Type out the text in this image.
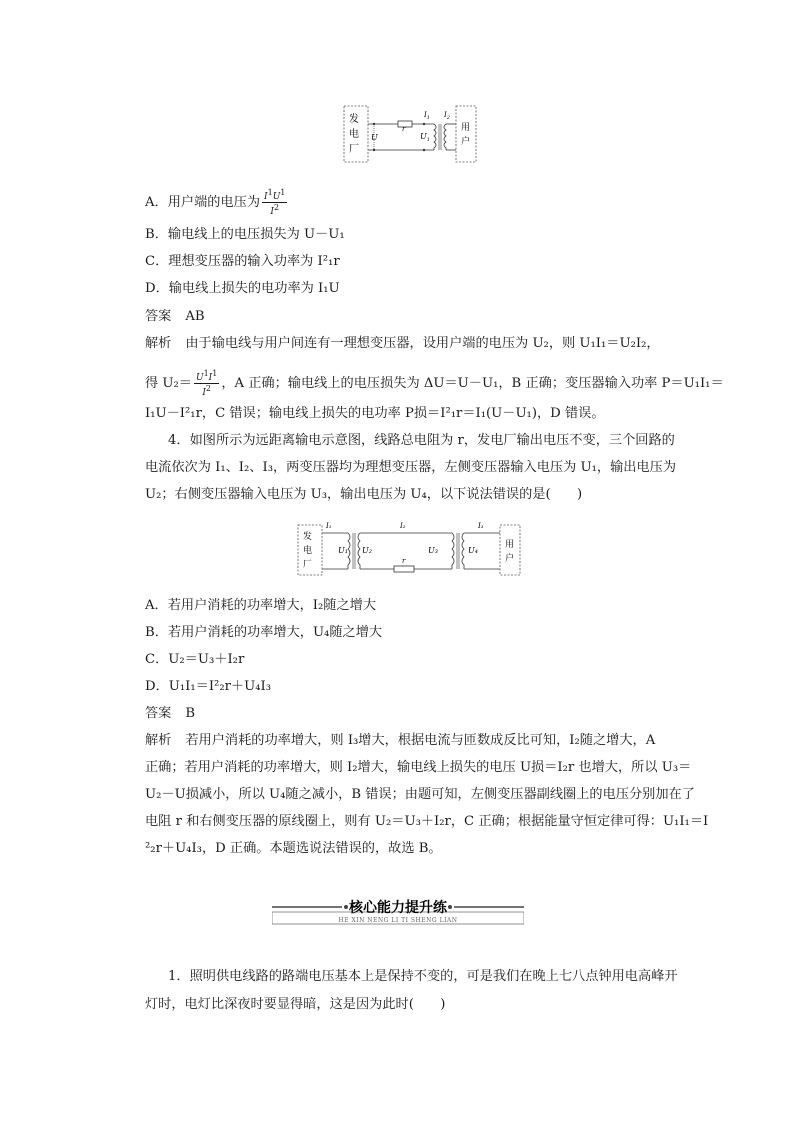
发
电
厂
U
r
$U_1$
$I_1$ $I_2$
用
户
A．用户端的电压为 $\frac{I^1U^1}{I^2}$
B．输电线上的电压损失为 U－U₁
C．理想变压器的输入功率为 I²₁r
D．输电线上损失的电功率为 I₁U
答案 AB
解析 由于输电线与用户间连有一理想变压器，设用户端的电压为 U₂，则 U₁I₁＝U₂I₂，
得 $U_2= \frac{U^1I^1}{I^2}$ ，A 正确；输电线上的电压损失为 ΔU＝U－U₁，B 正确；变压器输入功率 P＝U₁I₁＝
I₁U－I²₁r，C 错误；输电线上损失的电功率 P损＝I²₁r＝I₁(U－U₁)，D 错误。
4．如图所示为远距离输电示意图，线路总电阻为 r，发电厂输出电压不变，三个回路的
电流依次为 I₁、I₂、I₃，两变压器均为理想变压器，左侧变压器输入电压为 U₁，输出电压为
U₂；右侧变压器输入电压为 U₃，输出电压为 U₄，以下说法错误的是(　　)
发
电
厂
I₁
U₁ U₂
I₂
r
U₃	U₄
I₃
用
户
A．若用户消耗的功率增大，I₂随之增大
B．若用户消耗的功率增大，U₄随之增大
C．U₂＝U₃＋I₂r
D．U₁I₁＝I²₂r＋U₄I₃
答案 B
解析 若用户消耗的功率增大，则 I₃增大，根据电流与匝数成反比可知，I₂随之增大，A
正确；若用户消耗的功率增大，则 I₂增大，输电线上损失的电压 U损＝I₂r 也增大，所以 U₃＝
U₂－U损减小，所以 U₄随之减小，B 错误；由题可知，左侧变压器副线圈上的电压分别加在了
电阻 r 和右侧变压器的原线圈上，则有 U₂＝U₃＋I₂r，C 正确；根据能量守恒定律可得：U₁I₁＝I
²₂r＋U₄I₃，D 正确。本题选说法错误的，故选 B。
核心能力提升练
HE XIN NENG LI TI SHENG LIAN
1．照明供电线路的路端电压基本上是保持不变的，可是我们在晚上七八点钟用电高峰开
灯时，电灯比深夜时要显得暗，这是因为此时(　　)
